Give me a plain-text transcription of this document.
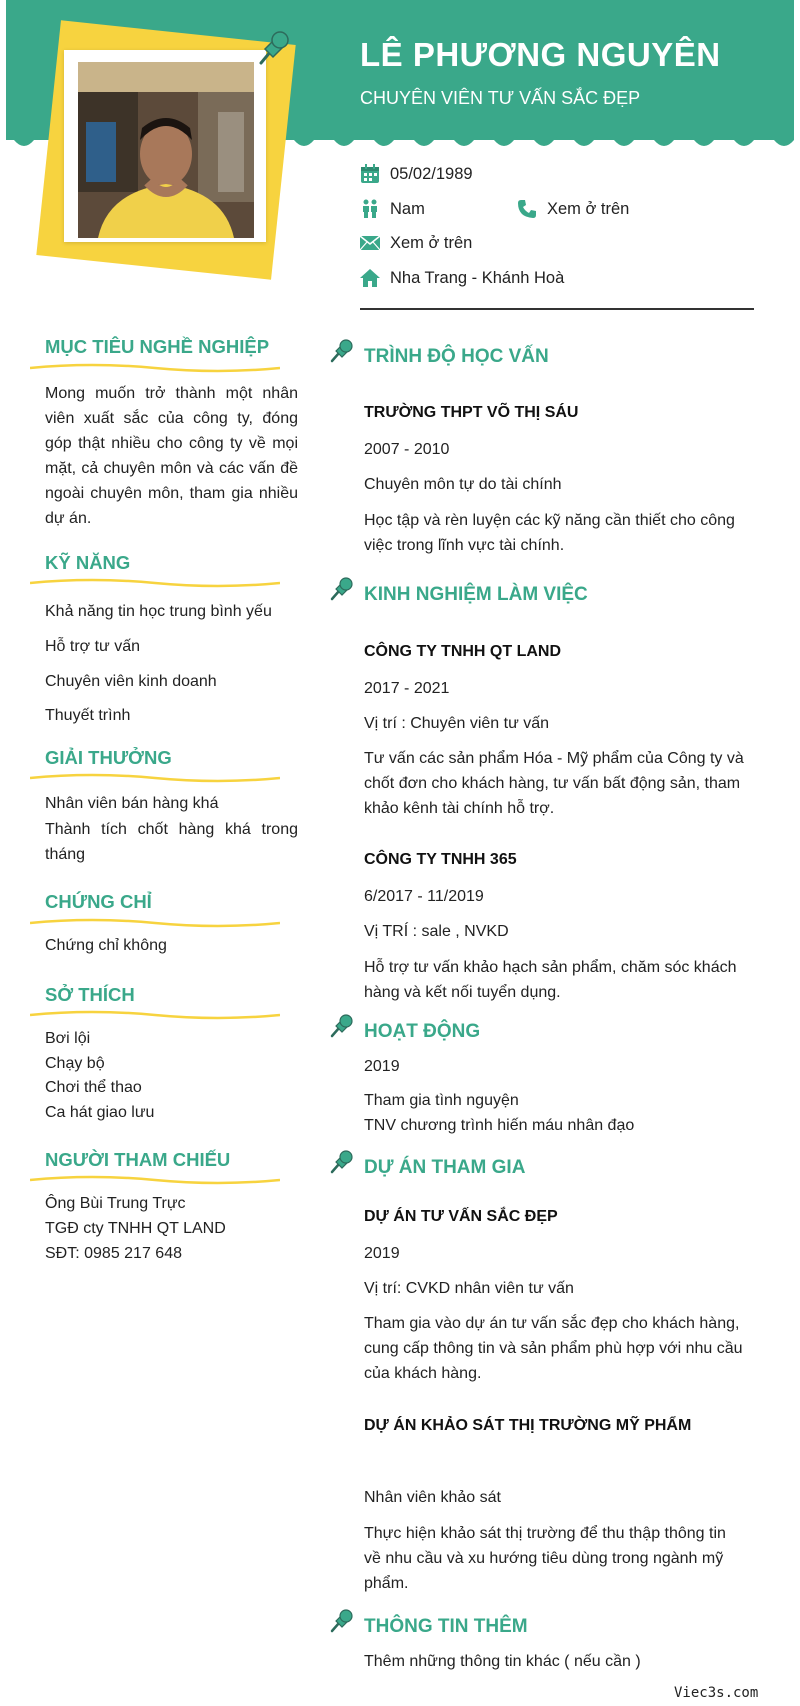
LÊ PHƯƠNG NGUYÊN
CHUYÊN VIÊN TƯ VẤN SẮC ĐẸP
05/02/1989
Nam	Xem ở trên
Xem ở trên
Nha Trang - Khánh Hoà
MỤC TIÊU NGHỀ NGHIỆP
Mong muốn trở thành một nhân viên xuất sắc của công ty, đóng góp thật nhiều cho công ty về mọi mặt, cả chuyên môn và các vấn đề ngoài chuyên môn, tham gia nhiều dự án.
KỸ NĂNG
Khả năng tin học trung bình yếu
Hỗ trợ tư vấn
Chuyên viên kinh doanh
Thuyết trình
GIẢI THƯỞNG
Nhân viên bán hàng khá
Thành tích chốt hàng khá trong tháng
CHỨNG CHỈ
Chứng chỉ không
SỞ THÍCH
Bơi lội
Chạy bộ
Chơi thể thao
Ca hát giao lưu
NGƯỜI THAM CHIẾU
Ông Bùi Trung Trực
TGĐ cty TNHH QT LAND
SĐT: 0985 217 648
TRÌNH ĐỘ HỌC VẤN
TRƯỜNG THPT VÕ THỊ SÁU
2007 - 2010
Chuyên môn tự do tài chính
Học tập và rèn luyện các kỹ năng cần thiết cho công việc trong lĩnh vực tài chính.
KINH NGHIỆM LÀM VIỆC
CÔNG TY TNHH QT LAND
2017 - 2021
Vị trí : Chuyên viên tư vấn
Tư vấn các sản phẩm Hóa - Mỹ phẩm của Công ty và chốt đơn cho khách hàng, tư vấn bất động sản, tham khảo kênh tài chính hỗ trợ.
CÔNG TY TNHH 365
6/2017 - 11/2019
Vị TRÍ : sale , NVKD
Hỗ trợ tư vấn khảo hạch sản phẩm, chăm sóc khách hàng và kết nối tuyển dụng.
HOẠT ĐỘNG
2019
Tham gia tình nguyện
TNV chương trình hiến máu nhân đạo
DỰ ÁN THAM GIA
DỰ ÁN TƯ VẤN SẮC ĐẸP
2019
Vị trí: CVKD nhân viên tư vấn
Tham gia vào dự án tư vấn sắc đẹp cho khách hàng, cung cấp thông tin và sản phẩm phù hợp với nhu cầu của khách hàng.
DỰ ÁN KHẢO SÁT THỊ TRƯỜNG MỸ PHẨM
Nhân viên khảo sát
Thực hiện khảo sát thị trường để thu thập thông tin về nhu cầu và xu hướng tiêu dùng trong ngành mỹ phẩm.
THÔNG TIN THÊM
Thêm những thông tin khác ( nếu cần )
Viec3s.com
